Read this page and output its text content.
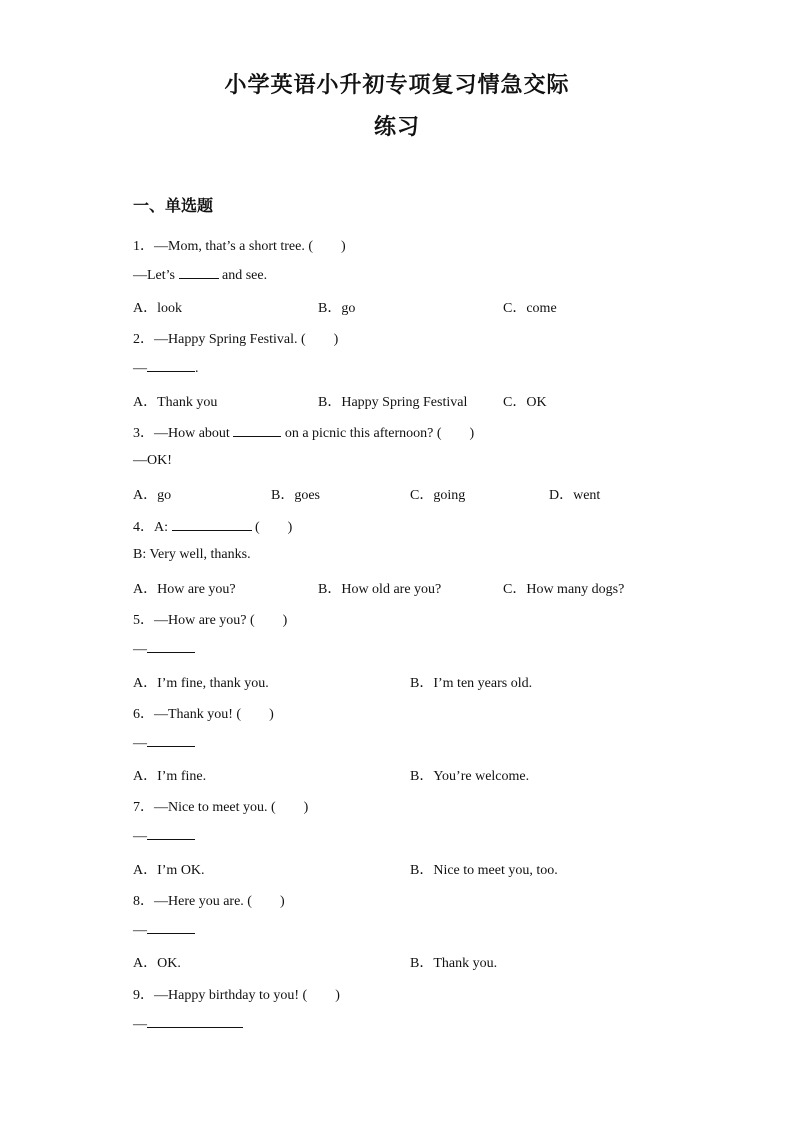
小学英语小升初专项复习情急交际
练习
一、单选题
1．—Mom, that’s a short tree. (　　)
—Let’s	and see.
A．look	B．go	C．come
2．—Happy Spring Festival. (　　)
—	.
A．Thank you	B．Happy Spring Festival	C．OK
3．—How about	on a picnic this afternoon? (　　)
—OK!
A．go	B．goes	C．going	D．went
4．A:	(　　)
B: Very well, thanks.
A．How are you?	B．How old are you?	C．How many dogs?
5．—How are you? (　　)
—
A．I’m fine, thank you.	B．I’m ten years old.
6．—Thank you! (　　)
—
A．I’m fine.	B．You’re welcome.
7．—Nice to meet you. (　　)
—
A．I’m OK.	B．Nice to meet you, too.
8．—Here you are. (　　)
—
A．OK.	B．Thank you.
9．—Happy birthday to you! (　　)
—
